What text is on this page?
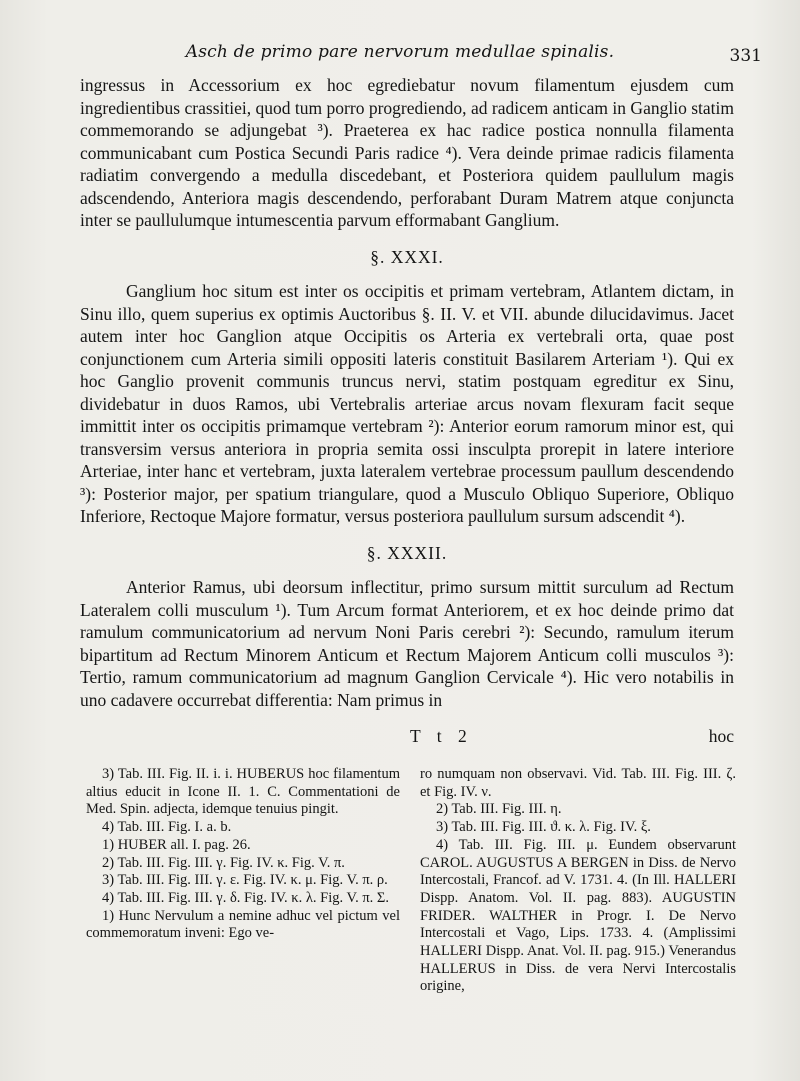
Asch de primo pare nervorum medullae spinalis.	331

ingressus in Accessorium ex hoc egrediebatur novum filamentum ejusdem cum ingredientibus crassitiei, quod tum porro progrediendo, ad radicem anticam in Ganglio statim commemorando se adjungebat ³). Praeterea ex hac radice postica nonnulla filamenta communicabant cum Postica Secundi Paris radice ⁴). Vera deinde primae radicis filamenta radiatim convergendo a medulla discedebant, et Posteriora quidem paullulum magis adscendendo, Anteriora magis descendendo, perforabant Duram Matrem atque conjuncta inter se paullulumque intumescentia parvum efformabant Ganglium.

§. XXXI.

Ganglium hoc situm est inter os occipitis et primam vertebram, Atlantem dictam, in Sinu illo, quem superius ex optimis Auctoribus §. II. V. et VII. abunde dilucidavimus. Jacet autem inter hoc Ganglion atque Occipitis os Arteria ex vertebrali orta, quae post conjunctionem cum Arteria simili oppositi lateris constituit Basilarem Arteriam ¹). Qui ex hoc Ganglio provenit communis truncus nervi, statim postquam egreditur ex Sinu, dividebatur in duos Ramos, ubi Vertebralis arteriae arcus novam flexuram facit seque immittit inter os occipitis primamque vertebram ²): Anterior eorum ramorum minor est, qui transversim versus anteriora in propria semita ossi insculpta prorepit in latere interiore Arteriae, inter hanc et vertebram, juxta lateralem vertebrae processum paullum descendendo ³): Posterior major, per spatium triangulare, quod a Musculo Obliquo Superiore, Obliquo Inferiore, Rectoque Majore formatur, versus posteriora paullulum sursum adscendit ⁴).

§. XXXII.

Anterior Ramus, ubi deorsum inflectitur, primo sursum mittit surculum ad Rectum Lateralem colli musculum ¹). Tum Arcum format Anteriorem, et ex hoc deinde primo dat ramulum communicatorium ad nervum Noni Paris cerebri ²): Secundo, ramulum iterum bipartitum ad Rectum Minorem Anticum et Rectum Majorem Anticum colli musculos ³): Tertio, ramum communicatorium ad magnum Ganglion Cervicale ⁴). Hic vero notabilis in uno cadavere occurrebat differentia: Nam primus in

T t 2	hoc

3) Tab. III. Fig. II. i. i. HUBERUS hoc filamentum altius educit in Icone II. 1. C. Commentationi de Med. Spin. adjecta, idemque tenuius pingit.

4) Tab. III. Fig. I. a. b.

1) HUBER all. I. pag. 26.

2) Tab. III. Fig. III. γ. Fig. IV. κ. Fig. V. π.

3) Tab. III. Fig. III. γ. ε. Fig. IV. κ. μ. Fig. V. π. ρ.

4) Tab. III. Fig. III. γ. δ. Fig. IV. κ. λ. Fig. V. π. Σ.

1) Hunc Nervulum a nemine adhuc vel pictum vel commemoratum inveni: Ego ve-

ro numquam non observavi. Vid. Tab. III. Fig. III. ζ. et Fig. IV. ν.

2) Tab. III. Fig. III. η.

3) Tab. III. Fig. III. ϑ. κ. λ. Fig. IV. ξ.

4) Tab. III. Fig. III. μ. Eundem observarunt CAROL. AUGUSTUS A BERGEN in Diss. de Nervo Intercostali, Francof. ad V. 1731. 4. (In Ill. HALLERI Dispp. Anatom. Vol. II. pag. 883). AUGUSTIN FRIDER. WALTHER in Progr. I. De Nervo Intercostali et Vago, Lips. 1733. 4. (Amplissimi HALLERI Dispp. Anat. Vol. II. pag. 915.) Venerandus HALLERUS in Diss. de vera Nervi Intercostalis origine,
